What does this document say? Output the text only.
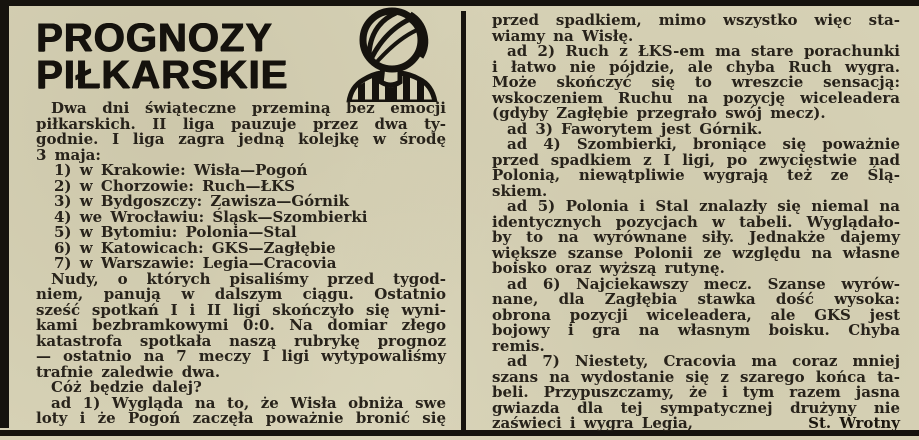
PROGNOZY
PIŁKARSKIE
Dwa dni świąteczne przeminą bez emocji
piłkarskich. II liga pauzuje przez dwa ty-
godnie. I liga zagra jedną kolejkę w środę
3 maja:
1) w Krakowie: Wisła—Pogoń
2) w Chorzowie: Ruch—ŁKS
3) w Bydgoszczy: Zawisza—Górnik
4) we Wrocławiu: Śląsk—Szombierki
5) w Bytomiu: Polonia—Stal
6) w Katowicach: GKS—Zagłębie
7) w Warszawie: Legia—Cracovia
Nudy, o których pisaliśmy przed tygod-
niem, panują w dalszym ciągu. Ostatnio
sześć spotkań I i II ligi skończyło się wyni-
kami bezbramkowymi 0:0. Na domiar złego
katastrofa spotkała naszą rubrykę prognoz
— ostatnio na 7 meczy I ligi wytypowaliśmy
trafnie zaledwie dwa.
Cóż będzie dalej?
ad 1) Wygląda na to, że Wisła obniża swe
loty i że Pogoń zaczęła poważnie bronić się
przed spadkiem, mimo wszystko więc sta-
wiamy na Wisłę.
ad 2) Ruch z ŁKS-em ma stare porachunki
i łatwo nie pójdzie, ale chyba Ruch wygra.
Może skończyć się to wreszcie sensacją:
wskoczeniem Ruchu na pozycję wiceleadera
(gdyby Zagłębie przegrało swój mecz).
ad 3) Faworytem jest Górnik.
ad 4) Szombierki, broniące się poważnie
przed spadkiem z I ligi, po zwycięstwie nad
Polonią, niewątpliwie wygrają też ze Ślą-
skiem.
ad 5) Polonia i Stal znalazły się niemal na
identycznych pozycjach w tabeli. Wyglądało-
by to na wyrównane siły. Jednakże dajemy
większe szanse Polonii ze względu na własne
boisko oraz wyższą rutynę.
ad 6) Najciekawszy mecz. Szanse wyrów-
nane, dla Zagłębia stawka dość wysoka:
obrona pozycji wiceleadera, ale GKS jest
bojowy i gra na własnym boisku. Chyba
remis.
ad 7) Niestety, Cracovia ma coraz mniej
szans na wydostanie się z szarego końca ta-
beli. Przypuszczamy, że i tym razem jasna
gwiazda dla tej sympatycznej drużyny nie
zaświeci i wygra Legia,	St. Wrotny
